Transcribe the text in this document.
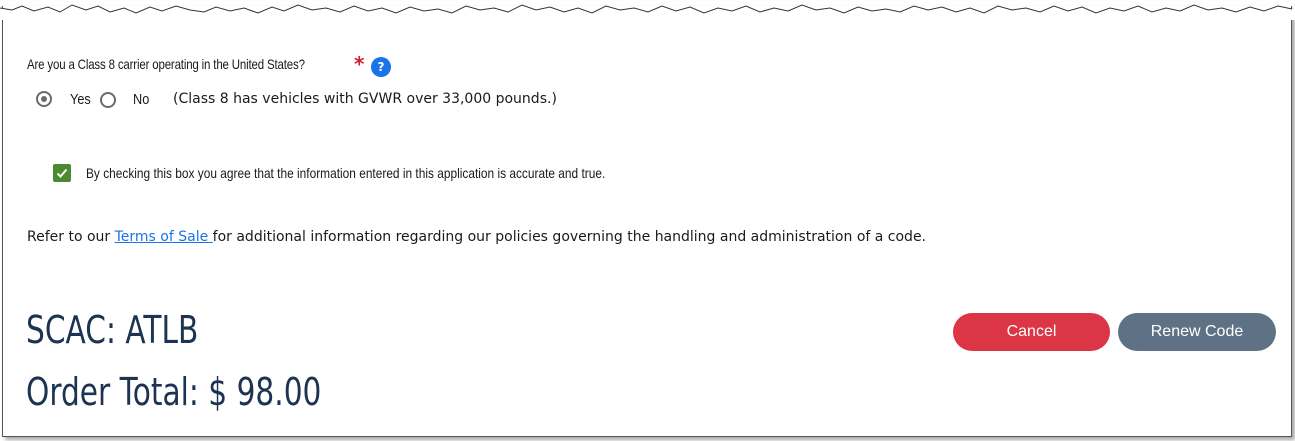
Are you a Class 8 carrier operating in the United States? *	?
Yes	No (Class 8 has vehicles with GVWR over 33,000 pounds.)
By checking this box you agree that the information entered in this application is accurate and true.
Refer to our Terms of Sale for additional information regarding our policies governing the handling and administration of a code.
SCAC: ATLB
Order Total: $ 98.00
Cancel	Renew Code
